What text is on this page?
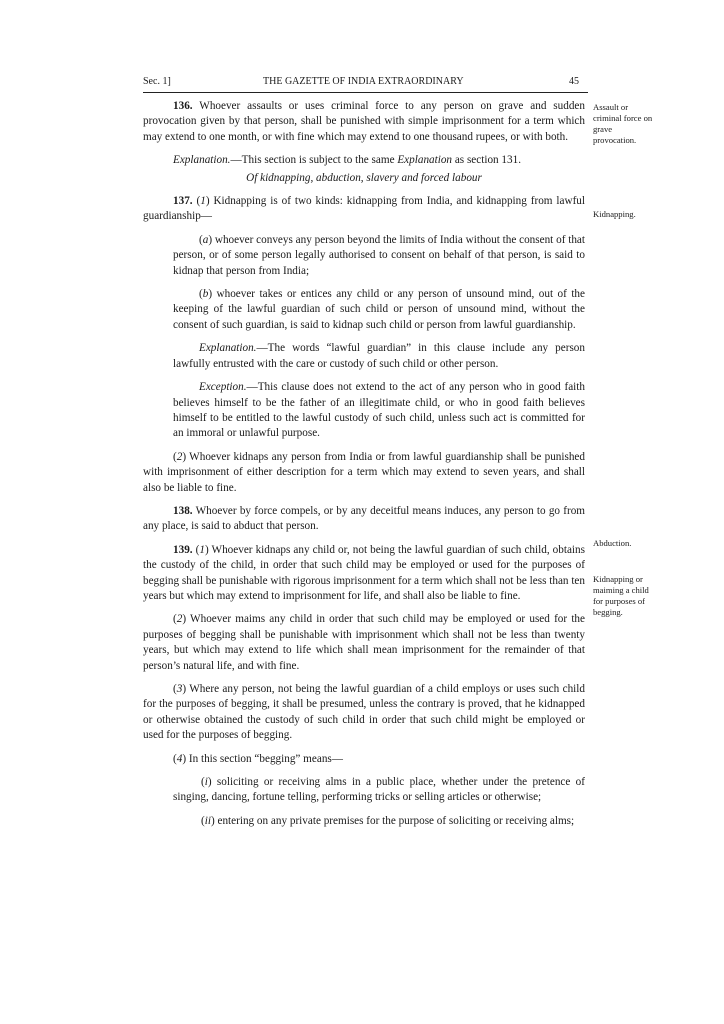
Sec. 1]	THE GAZETTE OF INDIA EXTRAORDINARY	45

136. Whoever assaults or uses criminal force to any person on grave and sudden provocation given by that person, shall be punished with simple imprisonment for a term which may extend to one month, or with fine which may extend to one thousand rupees, or with both.

Explanation.—This section is subject to the same Explanation as section 131.

Of kidnapping, abduction, slavery and forced labour

137. (1) Kidnapping is of two kinds: kidnapping from India, and kidnapping from lawful guardianship—

(a) whoever conveys any person beyond the limits of India without the consent of that person, or of some person legally authorised to consent on behalf of that person, is said to kidnap that person from India;

(b) whoever takes or entices any child or any person of unsound mind, out of the keeping of the lawful guardian of such child or person of unsound mind, without the consent of such guardian, is said to kidnap such child or person from lawful guardianship.

Explanation.—The words “lawful guardian” in this clause include any person lawfully entrusted with the care or custody of such child or other person.

Exception.—This clause does not extend to the act of any person who in good faith believes himself to be the father of an illegitimate child, or who in good faith believes himself to be entitled to the lawful custody of such child, unless such act is committed for an immoral or unlawful purpose.

(2) Whoever kidnaps any person from India or from lawful guardianship shall be punished with imprisonment of either description for a term which may extend to seven years, and shall also be liable to fine.

138. Whoever by force compels, or by any deceitful means induces, any person to go from any place, is said to abduct that person.

139. (1) Whoever kidnaps any child or, not being the lawful guardian of such child, obtains the custody of the child, in order that such child may be employed or used for the purposes of begging shall be punishable with rigorous imprisonment for a term which shall not be less than ten years but which may extend to imprisonment for life, and shall also be liable to fine.

(2) Whoever maims any child in order that such child may be employed or used for the purposes of begging shall be punishable with imprisonment which shall not be less than twenty years, but which may extend to life which shall mean imprisonment for the remainder of that person’s natural life, and with fine.

(3) Where any person, not being the lawful guardian of a child employs or uses such child for the purposes of begging, it shall be presumed, unless the contrary is proved, that he kidnapped or otherwise obtained the custody of such child in order that such child might be employed or used for the purposes of begging.

(4) In this section “begging” means—

(i) soliciting or receiving alms in a public place, whether under the pretence of singing, dancing, fortune telling, performing tricks or selling articles or otherwise;

(ii) entering on any private premises for the purpose of soliciting or receiving alms;

Assault or criminal force on grave provocation.
Kidnapping.
Abduction.
Kidnapping or maiming a child for purposes of begging.
